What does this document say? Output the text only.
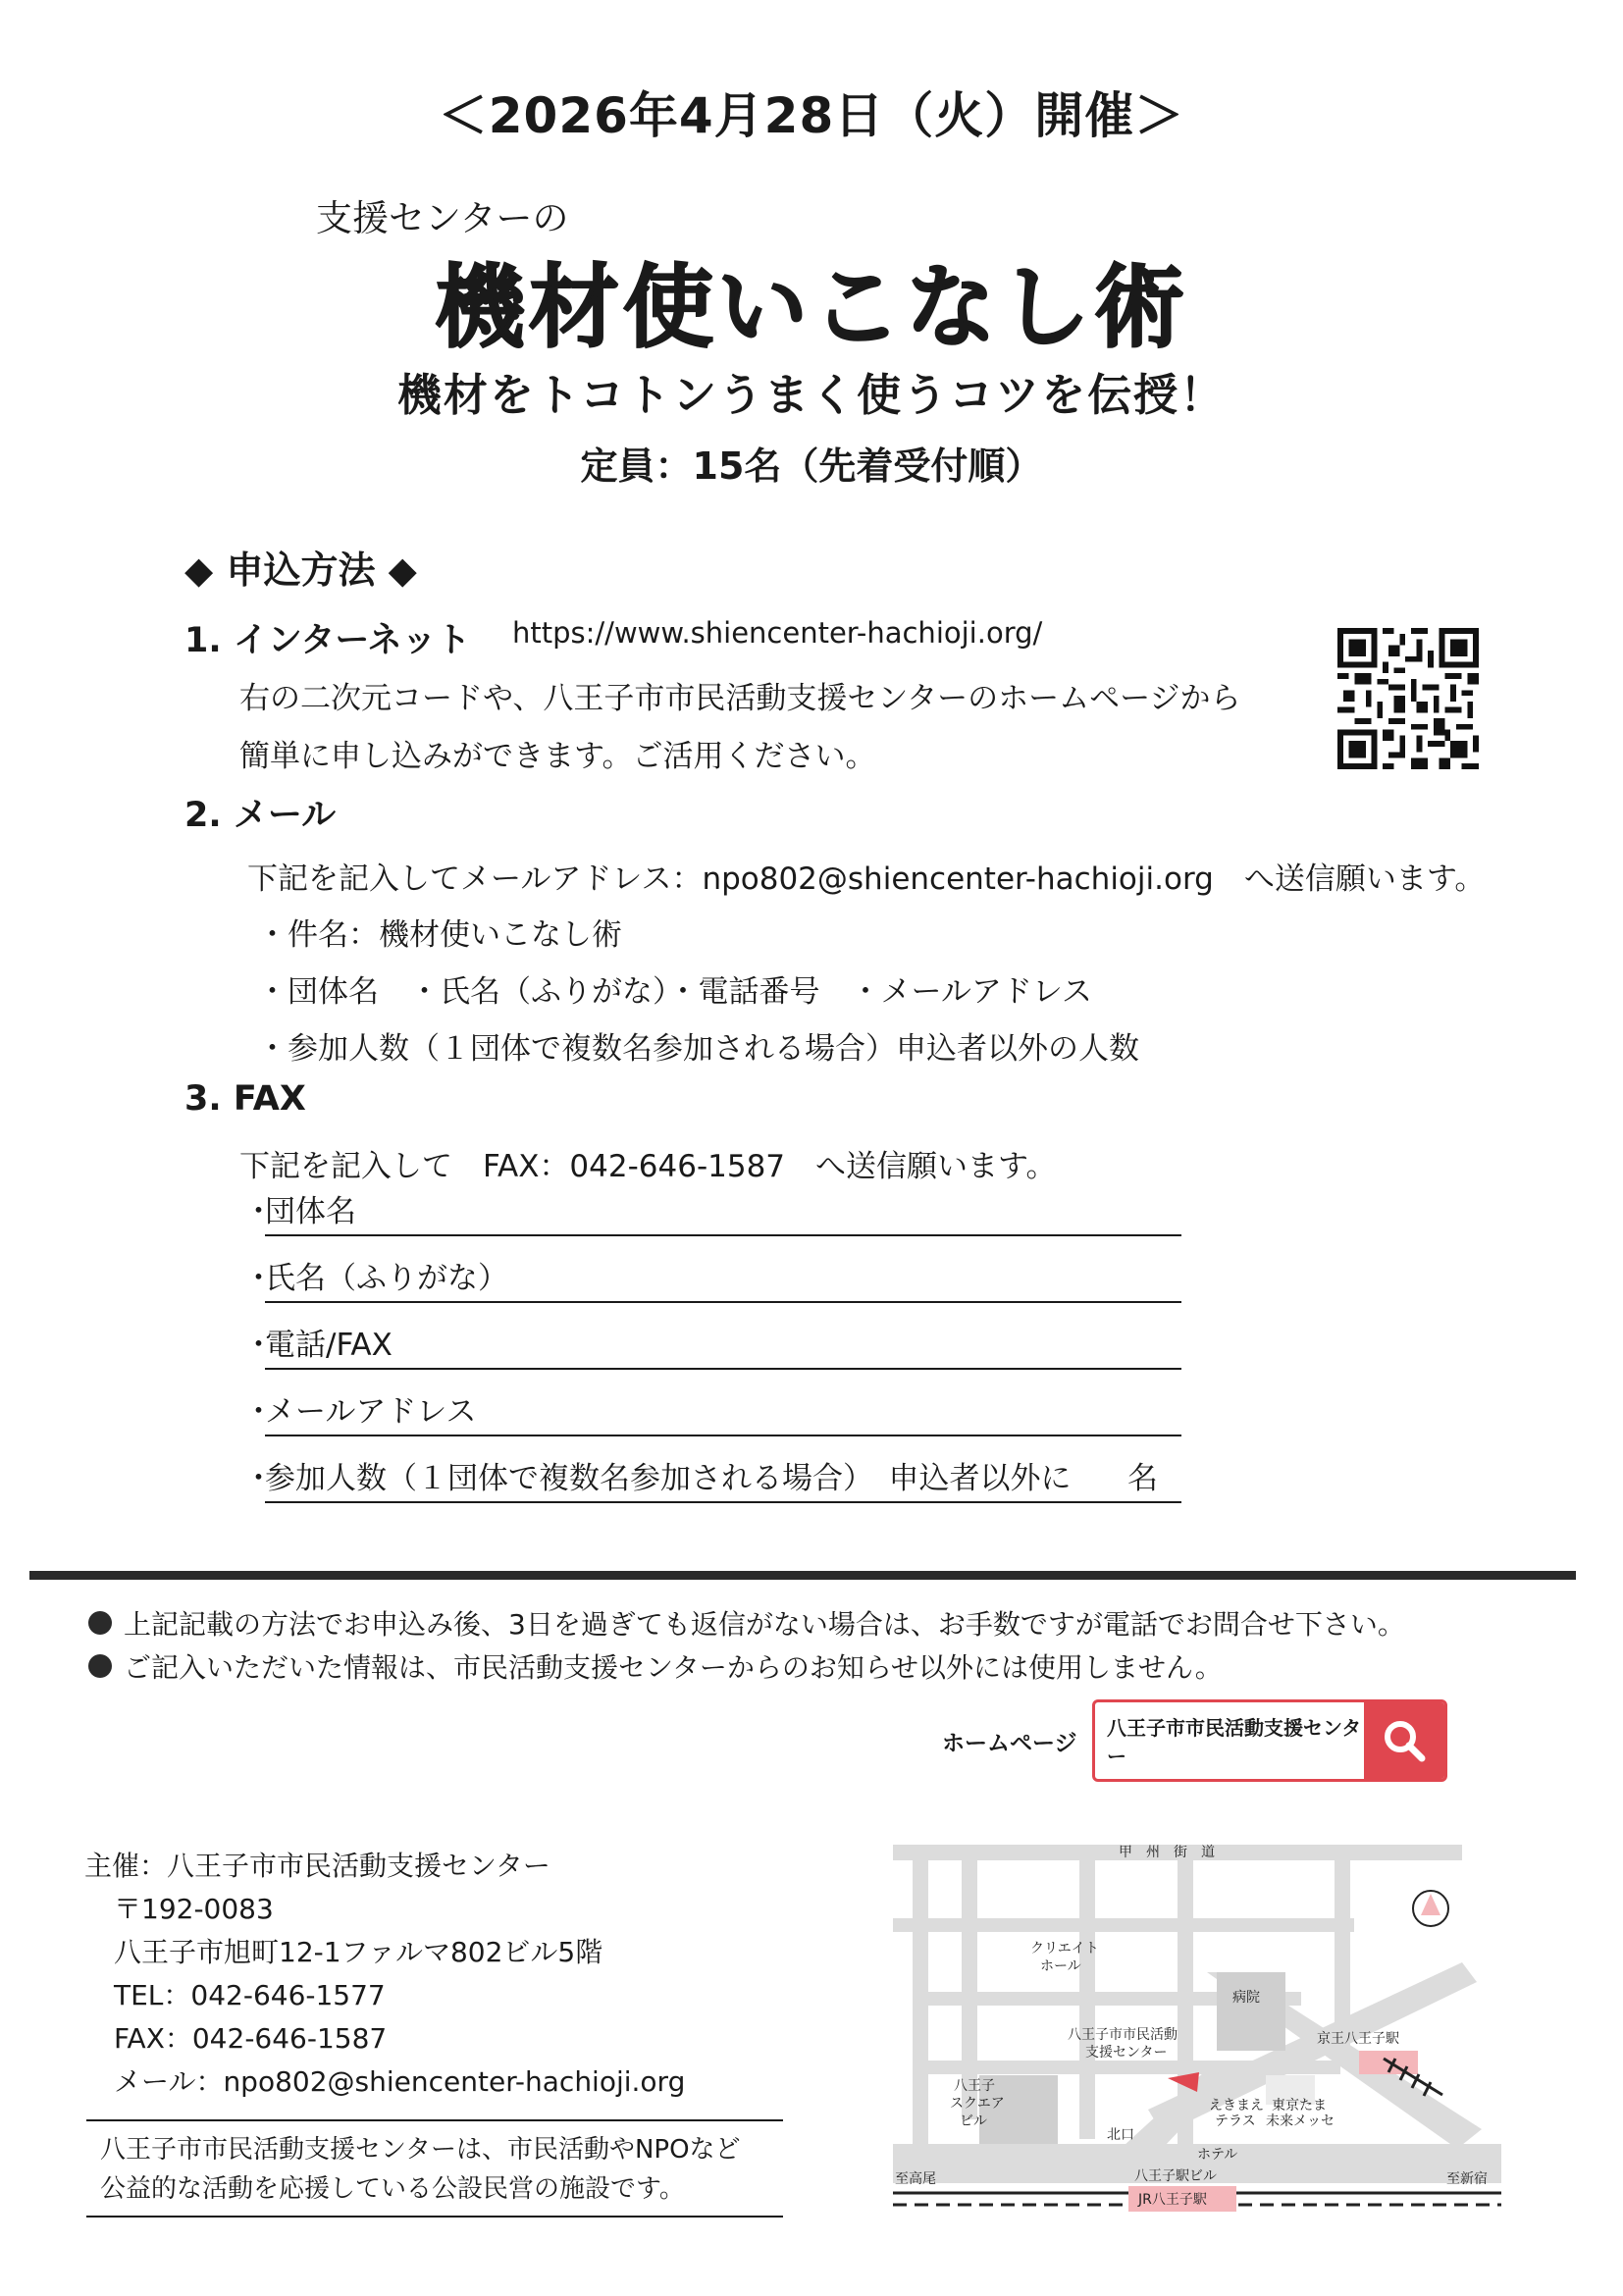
＜2026年4月28日（火）開催＞
支援センターの
機材使いこなし術
機材をトコトンうまく使うコツを伝授！
定員：15名（先着受付順）
◆ 申込方法 ◆
1. インターネット https://www.shiencenter-hachioji.org/
右の二次元コードや、八王子市市民活動支援センターのホームページから
簡単に申し込みができます。ご活用ください。
2. メール
下記を記入してメールアドレス：npo802@shiencenter-hachioji.org　へ送信願います。
・件名：機材使いこなし術
・団体名　・氏名（ふりがな）・電話番号　・メールアドレス
・参加人数（１団体で複数名参加される場合）申込者以外の人数
3. FAX
下記を記入して　FAX：042-646-1587　へ送信願います。
・
団体名
・
氏名（ふりがな）
・
電話/FAX
・
メールアドレス
・
参加人数（１団体で複数名参加される場合）　申込者以外に 名
上記記載の方法でお申込み後、3日を過ぎても返信がない場合は、お手数ですが電話でお問合せ下さい。
ご記入いただいた情報は、市民活動支援センターからのお知らせ以外には使用しません。
ホームページ
八王子市市民活動支援センター
主催：八王子市市民活動支援センター
〒192-0083
八王子市旭町12-1ファルマ802ビル5階
TEL：042-646-1577
FAX：042-646-1587
メール：npo802@shiencenter-hachioji.org
八王子市市民活動支援センターは、市民活動やNPOなど
公益的な活動を応援している公設民営の施設です。
甲　州　街　道
クリエイト
ホール
病院
八王子市市民活動
支援センター
京王八王子駅
八王子
スクエア
ビル
えきまえ
テラス
東京たま
未来メッセ
北口
ホテル
八王子駅ビル
JR八王子駅
至高尾	至新宿
